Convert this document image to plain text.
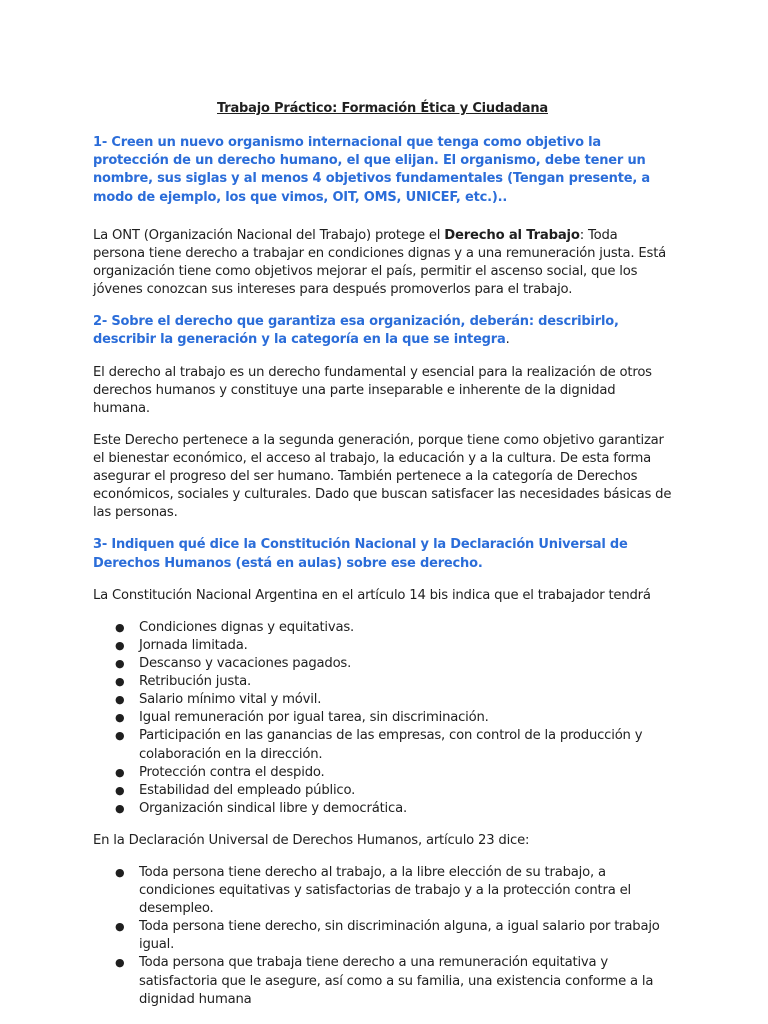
Trabajo Práctico: Formación Ética y Ciudadana
1- Creen un nuevo organismo internacional que tenga como objetivo la protección de un derecho humano, el que elijan. El organismo, debe tener un nombre, sus siglas y al menos 4 objetivos fundamentales (Tengan presente, a modo de ejemplo, los que vimos, OIT, OMS, UNICEF, etc.)..
La ONT (Organización Nacional del Trabajo) protege el Derecho al Trabajo: Toda persona tiene derecho a trabajar en condiciones dignas y a una remuneración justa. Está organización tiene como objetivos mejorar el país, permitir el ascenso social, que los jóvenes conozcan sus intereses para después promoverlos para el trabajo.
2- Sobre el derecho que garantiza esa organización, deberán: describirlo, describir la generación y la categoría en la que se integra.
El derecho al trabajo es un derecho fundamental y esencial para la realización de otros derechos humanos y constituye una parte inseparable e inherente de la dignidad humana.
Este Derecho pertenece a la segunda generación, porque tiene como objetivo garantizar el bienestar económico, el acceso al trabajo, la educación y a la cultura. De esta forma asegurar el progreso del ser humano. También pertenece a la categoría de Derechos económicos, sociales y culturales. Dado que buscan satisfacer las necesidades básicas de las personas.
3- Indiquen qué dice la Constitución Nacional y la Declaración Universal de Derechos Humanos (está en aulas) sobre ese derecho.
La Constitución Nacional Argentina en el artículo 14 bis indica que el trabajador tendrá
● Condiciones dignas y equitativas.
● Jornada limitada.
● Descanso y vacaciones pagados.
● Retribución justa.
● Salario mínimo vital y móvil.
● Igual remuneración por igual tarea, sin discriminación.
● Participación en las ganancias de las empresas, con control de la producción y colaboración en la dirección.
● Protección contra el despido.
● Estabilidad del empleado público.
● Organización sindical libre y democrática.
En la Declaración Universal de Derechos Humanos, artículo 23 dice:
● Toda persona tiene derecho al trabajo, a la libre elección de su trabajo, a condiciones equitativas y satisfactorias de trabajo y a la protección contra el desempleo.
● Toda persona tiene derecho, sin discriminación alguna, a igual salario por trabajo igual.
● Toda persona que trabaja tiene derecho a una remuneración equitativa y satisfactoria que le asegure, así como a su familia, una existencia conforme a la dignidad humana
